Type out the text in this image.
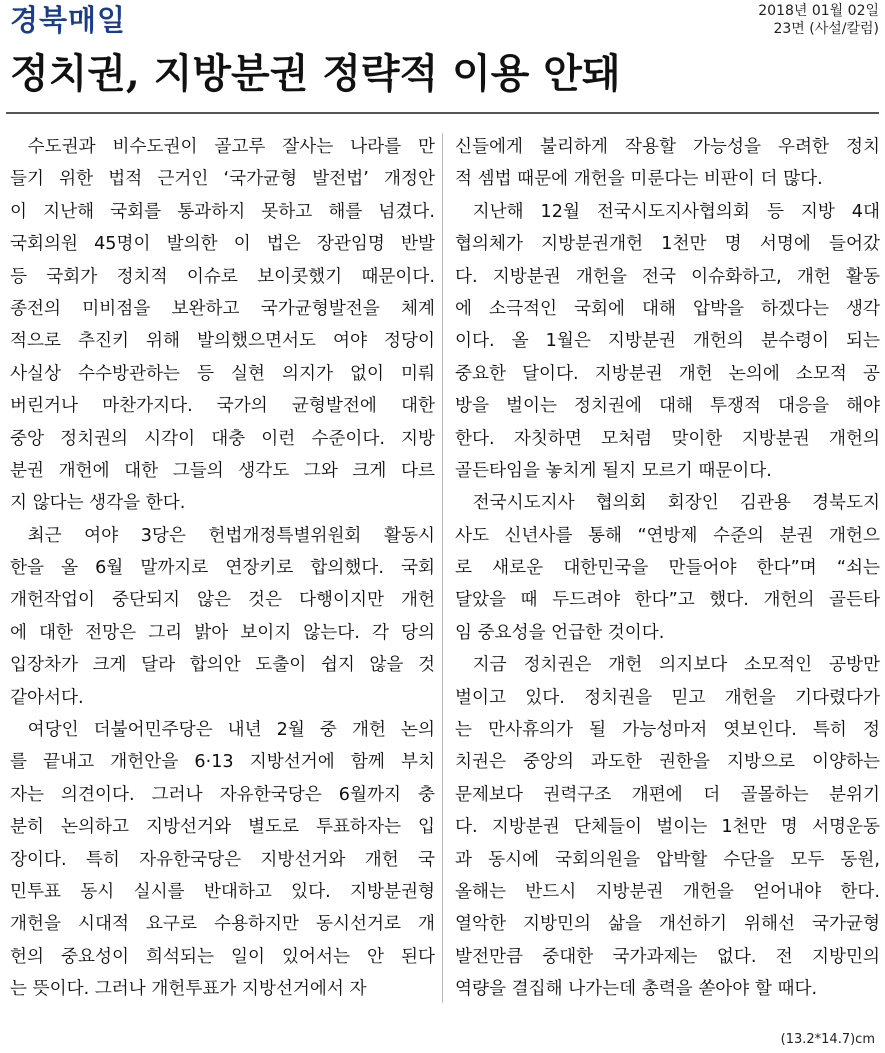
경북매일	2018년 01월 02일
23면 (사설/칼럼)
정치권, 지방분권 정략적 이용 안돼
수도권과 비수도권이 골고루 잘사는 나라를 만
들기 위한 법적 근거인 ‘국가균형 발전법’ 개정안
이 지난해 국회를 통과하지 못하고 해를 넘겼다.
국회의원 45명이 발의한 이 법은 장관임명 반발
등 국회가 정치적 이슈로 보이콧했기 때문이다.
종전의 미비점을 보완하고 국가균형발전을 체계
적으로 추진키 위해 발의했으면서도 여야 정당이
사실상 수수방관하는 등 실현 의지가 없이 미뤄
버린거나 마찬가지다. 국가의 균형발전에 대한
중앙 정치권의 시각이 대충 이런 수준이다. 지방
분권 개헌에 대한 그들의 생각도 그와 크게 다르
지 않다는 생각을 한다.
최근 여야 3당은 헌법개정특별위원회 활동시
한을 올 6월 말까지로 연장키로 합의했다. 국회
개헌작업이 중단되지 않은 것은 다행이지만 개헌
에 대한 전망은 그리 밝아 보이지 않는다. 각 당의
입장차가 크게 달라 합의안 도출이 쉽지 않을 것
같아서다.
여당인 더불어민주당은 내년 2월 중 개헌 논의
를 끝내고 개헌안을 6·13 지방선거에 함께 부치
자는 의견이다. 그러나 자유한국당은 6월까지 충
분히 논의하고 지방선거와 별도로 투표하자는 입
장이다. 특히 자유한국당은 지방선거와 개헌 국
민투표 동시 실시를 반대하고 있다. 지방분권형
개헌을 시대적 요구로 수용하지만 동시선거로 개
헌의 중요성이 희석되는 일이 있어서는 안 된다
는 뜻이다. 그러나 개헌투표가 지방선거에서 자
신들에게 불리하게 작용할 가능성을 우려한 정치
적 셈법 때문에 개헌을 미룬다는 비판이 더 많다.
지난해 12월 전국시도지사협의회 등 지방 4대
협의체가 지방분권개헌 1천만 명 서명에 들어갔
다. 지방분권 개헌을 전국 이슈화하고, 개헌 활동
에 소극적인 국회에 대해 압박을 하겠다는 생각
이다. 올 1월은 지방분권 개헌의 분수령이 되는
중요한 달이다. 지방분권 개헌 논의에 소모적 공
방을 벌이는 정치권에 대해 투쟁적 대응을 해야
한다. 자칫하면 모처럼 맞이한 지방분권 개헌의
골든타임을 놓치게 될지 모르기 때문이다.
전국시도지사 협의회 회장인 김관용 경북도지
사도 신년사를 통해 “연방제 수준의 분권 개헌으
로 새로운 대한민국을 만들어야 한다”며 “쇠는
달았을 때 두드려야 한다”고 했다. 개헌의 골든타
임 중요성을 언급한 것이다.
지금 정치권은 개헌 의지보다 소모적인 공방만
벌이고 있다. 정치권을 믿고 개헌을 기다렸다가
는 만사휴의가 될 가능성마저 엿보인다. 특히 정
치권은 중앙의 과도한 권한을 지방으로 이양하는
문제보다 권력구조 개편에 더 골몰하는 분위기
다. 지방분권 단체들이 벌이는 1천만 명 서명운동
과 동시에 국회의원을 압박할 수단을 모두 동원,
올해는 반드시 지방분권 개헌을 얻어내야 한다.
열악한 지방민의 삶을 개선하기 위해선 국가균형
발전만큼 중대한 국가과제는 없다. 전 지방민의
역량을 결집해 나가는데 총력을 쏟아야 할 때다.
(13.2*14.7)cm
